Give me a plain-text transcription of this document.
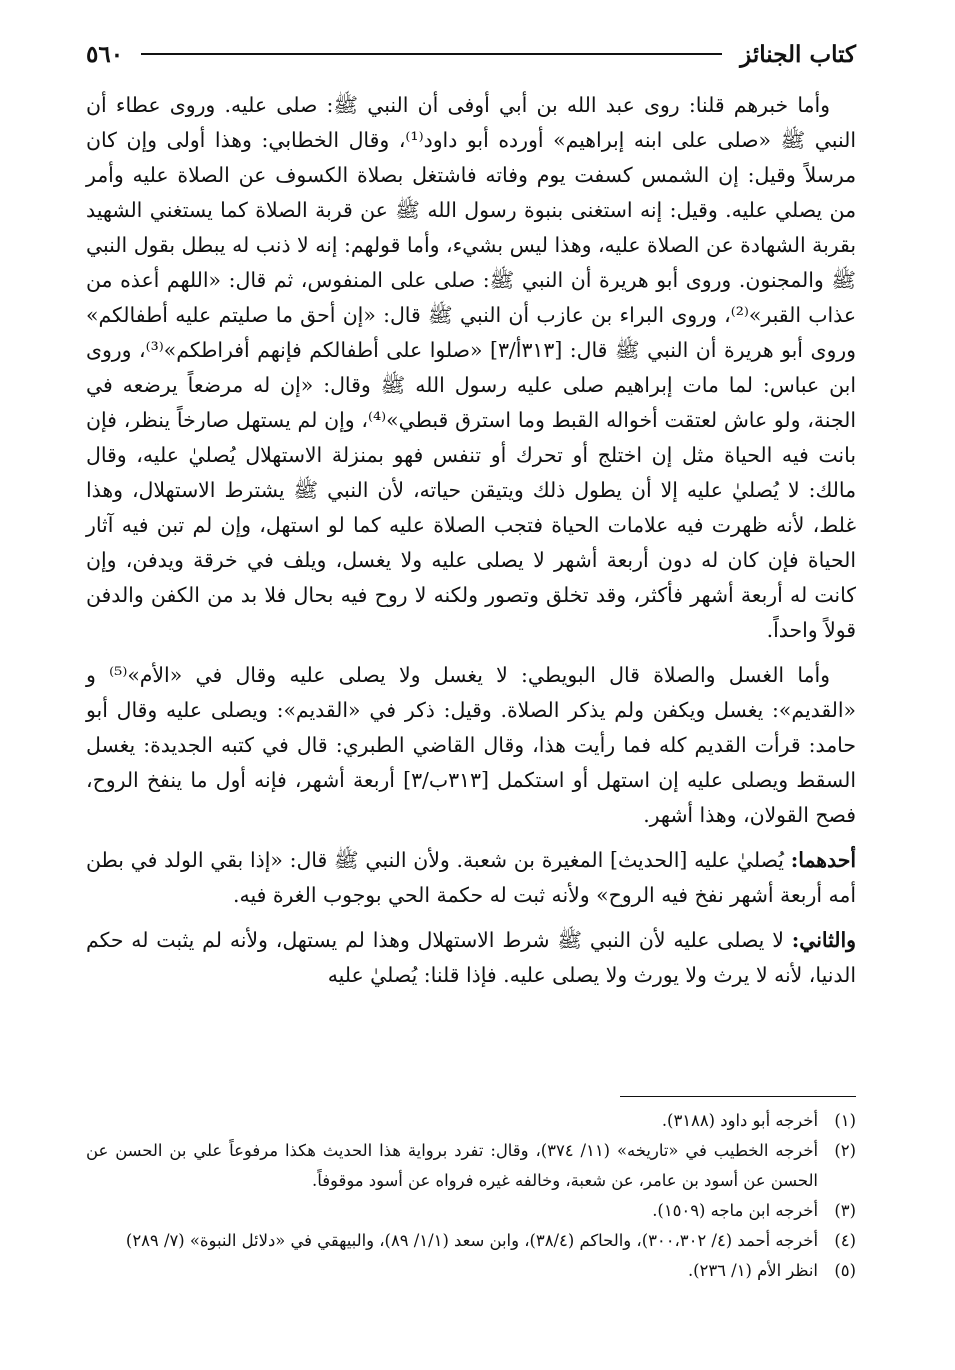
كتاب الجنائز
٥٦٠

وأما خبرهم قلنا: روى عبد الله بن أبي أوفى أن النبي ﷺ: صلى عليه. وروى عطاء أن النبي ﷺ «صلى على ابنه إبراهيم» أورده أبو داود⁽¹⁾، وقال الخطابي: وهذا أولى وإن كان مرسلاً وقيل: إن الشمس كسفت يوم وفاته فاشتغل بصلاة الكسوف عن الصلاة عليه وأمر من يصلي عليه. وقيل: إنه استغنى بنبوة رسول الله ﷺ عن قربة الصلاة كما يستغني الشهيد بقربة الشهادة عن الصلاة عليه، وهذا ليس بشيء، وأما قولهم: إنه لا ذنب له يبطل بقول النبي ﷺ والمجنون. وروى أبو هريرة أن النبي ﷺ: صلى على المنفوس، ثم قال: «اللهم أعذه من عذاب القبر»⁽²⁾، وروى البراء بن عازب أن النبي ﷺ قال: «إن أحق ما صليتم عليه أطفالكم» وروى أبو هريرة أن النبي ﷺ قال: [٣١٣أ/٣] «صلوا على أطفالكم فإنهم أفراطكم»⁽³⁾، وروى ابن عباس: لما مات إبراهيم صلى عليه رسول الله ﷺ وقال: «إن له مرضعاً يرضعه في الجنة، ولو عاش لعتقت أخواله القبط وما استرق قبطي»⁽⁴⁾، وإن لم يستهل صارخاً ينظر، فإن بانت فيه الحياة مثل إن اختلج أو تحرك أو تنفس فهو بمنزلة الاستهلال يُصليٰ عليه، وقال مالك: لا يُصليٰ عليه إلا أن يطول ذلك ويتيقن حياته، لأن النبي ﷺ يشترط الاستهلال، وهذا غلط، لأنه ظهرت فيه علامات الحياة فتجب الصلاة عليه كما لو استهل، وإن لم تبن فيه آثار الحياة فإن كان له دون أربعة أشهر لا يصلى عليه ولا يغسل، ويلف في خرقة ويدفن، وإن كانت له أربعة أشهر فأكثر، وقد تخلق وتصور ولكنه لا روح فيه بحال فلا بد من الكفن والدفن قولاً واحداً.

وأما الغسل والصلاة قال البويطي: لا يغسل ولا يصلى عليه وقال في «الأم»⁽⁵⁾ و «القديم»: يغسل ويكفن ولم يذكر الصلاة. وقيل: ذكر في «القديم»: ويصلى عليه وقال أبو حامد: قرأت القديم كله فما رأيت هذا، وقال القاضي الطبري: قال في كتبه الجديدة: يغسل السقط ويصلى عليه إن استهل أو استكمل [٣١٣ب/٣] أربعة أشهر، فإنه أول ما ينفخ الروح، فصح القولان، وهذا أشهر.

أحدهما: يُصليٰ عليه [الحديث] المغيرة بن شعبة. ولأن النبي ﷺ قال: «إذا بقي الولد في بطن أمه أربعة أشهر نفخ فيه الروح» ولأنه ثبت له حكمة الحي بوجوب الغرة فيه.

والثاني: لا يصلى عليه لأن النبي ﷺ شرط الاستهلال وهذا لم يستهل، ولأنه لم يثبت له حكم الدنيا، لأنه لا يرث ولا يورث ولا يصلى عليه. فإذا قلنا: يُصليٰ عليه

(١)
أخرجه أبو داود (٣١٨٨).
(٢)
أخرجه الخطيب في «تاريخه» (١١/ ٣٧٤)، وقال: تفرد برواية هذا الحديث هكذا مرفوعاً علي بن الحسن عن الحسن عن أسود بن عامر، عن شعبة، وخالفه غيره فرواه عن أسود موقوفاً.
(٣)
أخرجه ابن ماجه (١٥٠٩).
(٤)
أخرجه أحمد (٤/ ٣٠٠،٣٠٢)، والحاكم (٣٨/٤)، وابن سعد (١/١/ ٨٩)، والبيهقي في «دلائل النبوة» (٧/ ٢٨٩)
(٥)
انظر الأم (١/ ٢٣٦).
